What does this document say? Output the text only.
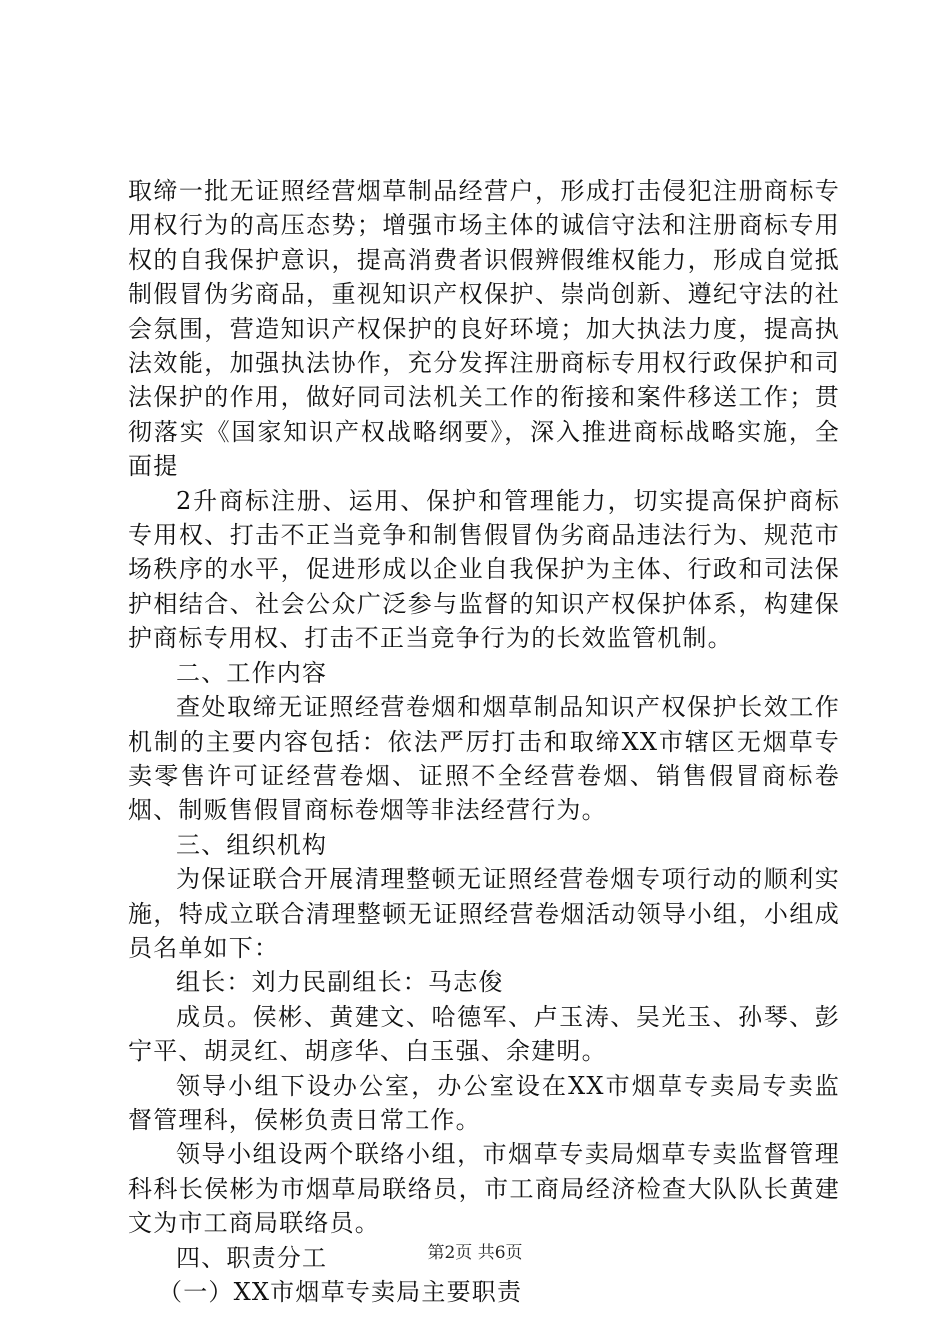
取缔一批无证照经营烟草制品经营户，形成打击侵犯注册商标专用权行为的高压态势；增强市场主体的诚信守法和注册商标专用权的自我保护意识，提高消费者识假辨假维权能力，形成自觉抵制假冒伪劣商品，重视知识产权保护、崇尚创新、遵纪守法的社会氛围，营造知识产权保护的良好环境；加大执法力度，提高执法效能，加强执法协作，充分发挥注册商标专用权行政保护和司法保护的作用，做好同司法机关工作的衔接和案件移送工作；贯彻落实《国家知识产权战略纲要》，深入推进商标战略实施，全面提

2升商标注册、运用、保护和管理能力，切实提高保护商标专用权、打击不正当竞争和制售假冒伪劣商品违法行为、规范市场秩序的水平，促进形成以企业自我保护为主体、行政和司法保护相结合、社会公众广泛参与监督的知识产权保护体系，构建保护商标专用权、打击不正当竞争行为的长效监管机制。

二、工作内容

查处取缔无证照经营卷烟和烟草制品知识产权保护长效工作机制的主要内容包括：依法严厉打击和取缔XX市辖区无烟草专卖零售许可证经营卷烟、证照不全经营卷烟、销售假冒商标卷烟、制贩售假冒商标卷烟等非法经营行为。

三、组织机构

为保证联合开展清理整顿无证照经营卷烟专项行动的顺利实施，特成立联合清理整顿无证照经营卷烟活动领导小组，小组成员名单如下：

组长：刘力民副组长：马志俊

成员。侯彬、黄建文、哈德军、卢玉涛、吴光玉、孙琴、彭宁平、胡灵红、胡彦华、白玉强、余建明。

领导小组下设办公室，办公室设在XX市烟草专卖局专卖监督管理科，侯彬负责日常工作。

领导小组设两个联络小组，市烟草专卖局烟草专卖监督管理科科长侯彬为市烟草局联络员，市工商局经济检查大队队长黄建文为市工商局联络员。

四、职责分工

（一）XX市烟草专卖局主要职责

第2页 共6页
